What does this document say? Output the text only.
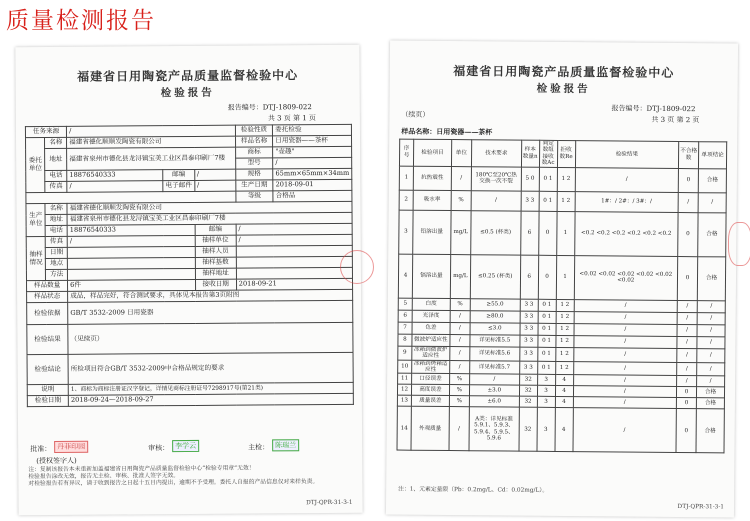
质量检测报告
福建省日用陶瓷产品质量监督检验中心
检验报告
报告编号：DTJ-1809-022
共 3 页 第 1 页
任务来源		/			检验性质	委托检验
委托单位	名称	福建省德化顺顺发陶瓷有限公司			样品名称	日用瓷器——茶杯
	地址	福建省泉州市德化县龙浔镇宝美工业区昌泰印刷厂7楼			商标	"壶趣"
					型号	/
	电话	18876540333	邮编	/	规格	65mm×65mm×34mm
	传真	/	电子邮件	/	生产日期	2018-09-01
					等级	合格品
生产单位	名称	福建省德化顺顺发陶瓷有限公司				
	地址	福建省泉州市德化县龙浔镇宝美工业区昌泰印刷厂7楼				
	电话	18876540333		邮编	/	
抽样情况	传真	/		抽样单位	/	
	日期			抽样人员		
	地点			抽样基数		
	方法			抽样地址		
样品数量		6件		接收日期	2018-09-21	
样品状态		成品，样品完好，符合测试要求，具体见本报告第3页附图				
检验依据		GB/T 3532-2009 日用瓷器				
检验结果		（见续页）				
检验结论		所检项目符合GB/T 3532-2009中合格品规定的要求				
说明		1、商标为商标注册证汉字登记，详情见商标注册证号7298917号(第21类)				
检验日期		2018-09-24—2018-09-27				
批准： 丹菲印园
(授权签字人)
审核： 李学云	主检： 陈瑞兰
注：复制该报告本未重新加盖福建省日用陶瓷产品质量监督检验中心“检验专用章”无效！
检验报告涂改无效，报告无主检、审核、批准人签字无效。
对检验报告若有异议，请于收到报告之日起十五日内提出，逾期不予受理。委托人自报的产品信息仅对来样负责。
DTJ-QPR-31-3-1
福建省日用陶瓷产品质量监督检验中心
检验报告
（续页）
报告编号：DTJ-1809-022
共 3 页 第 2 页
样品名称：日用瓷器——茶杯
序号	检验项目	单位	技术要求	样本数量n	判定数组 接收数Ac	拒收数Re	检验结果	不合格数	单项结论
1	抗热震性	/	180℃至20℃热交换一次不裂	5 0	0 1	1 2	/	0	合格
2	吸水率	%	/	3 3	0 1	1 2	1#：/ 2#：/ 3#：/	/	/
3	铅溶出量	mg/L	≤0.5 (杯类)	6	0	1	<0.2 <0.2 <0.2 <0.2 <0.2 <0.2	0	合格
4	镉溶出量	mg/L	≤0.25 (杯类)	6	0	1	<0.02 <0.02 <0.02 <0.02 <0.02 <0.02	0	合格
5	白度	%	≥55.0	3 3	0 1	1 2	/	/	/
6	光泽度	/	≥80.0	3 3	0 1	1 2	/	/	/
7	色差	/	≤3.0	3 3	0 1	1 2	/	/	/
8	微波炉适应性	/	详见标准5.5	3 3	0 1	1 2	/	/	/
9	冰箱到微波炉适应性	/	详见标准5.6	3 3	0 1	1 2	/	/	/
10	冰箱到烤箱适应性	/	详见标准5.7	3 3	0 1	1 2	/	/	/
11	口径误差	%	/	32	3	4	/	/	/
12	高度误差	%	±3.0	32	3	4	/	0	合格
13	质量误差	%	±6.0	32	3	4	/	0	合格
14	外观质量	/	A类：详见标准5.9.1、5.9.3、5.9.4、5.9.5、5.9.6	32	3	4	/	0	合格
注：1、元素定量限（Pb：0.2mg/L、Cd：0.02mg/L）。
DTJ-QPR-31-3-1
